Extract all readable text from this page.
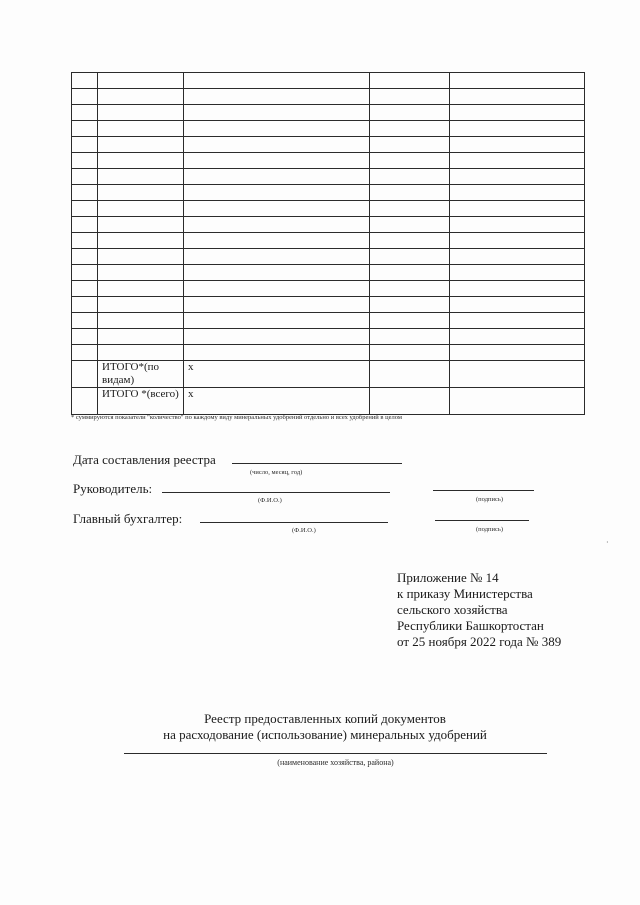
	ИТОГО*(по видам)	x		
	ИТОГО *(всего)	x		
* суммируются показатели "количество" по каждому виду минеральных удобрений отдельно и всех удобрений в целом
Дата составления реестра
(число, месяц, год)
Руководитель:
(Ф.И.О.)	(подпись)
Главный бухгалтер:
(Ф.И.О.)	(подпись)
·
Приложение № 14
к приказу Министерства
сельского хозяйства
Республики Башкортостан
от 25 ноября 2022 года № 389
Реестр предоставленных копий документов
на расходование (использование) минеральных удобрений
(наименование хозяйства, района)
